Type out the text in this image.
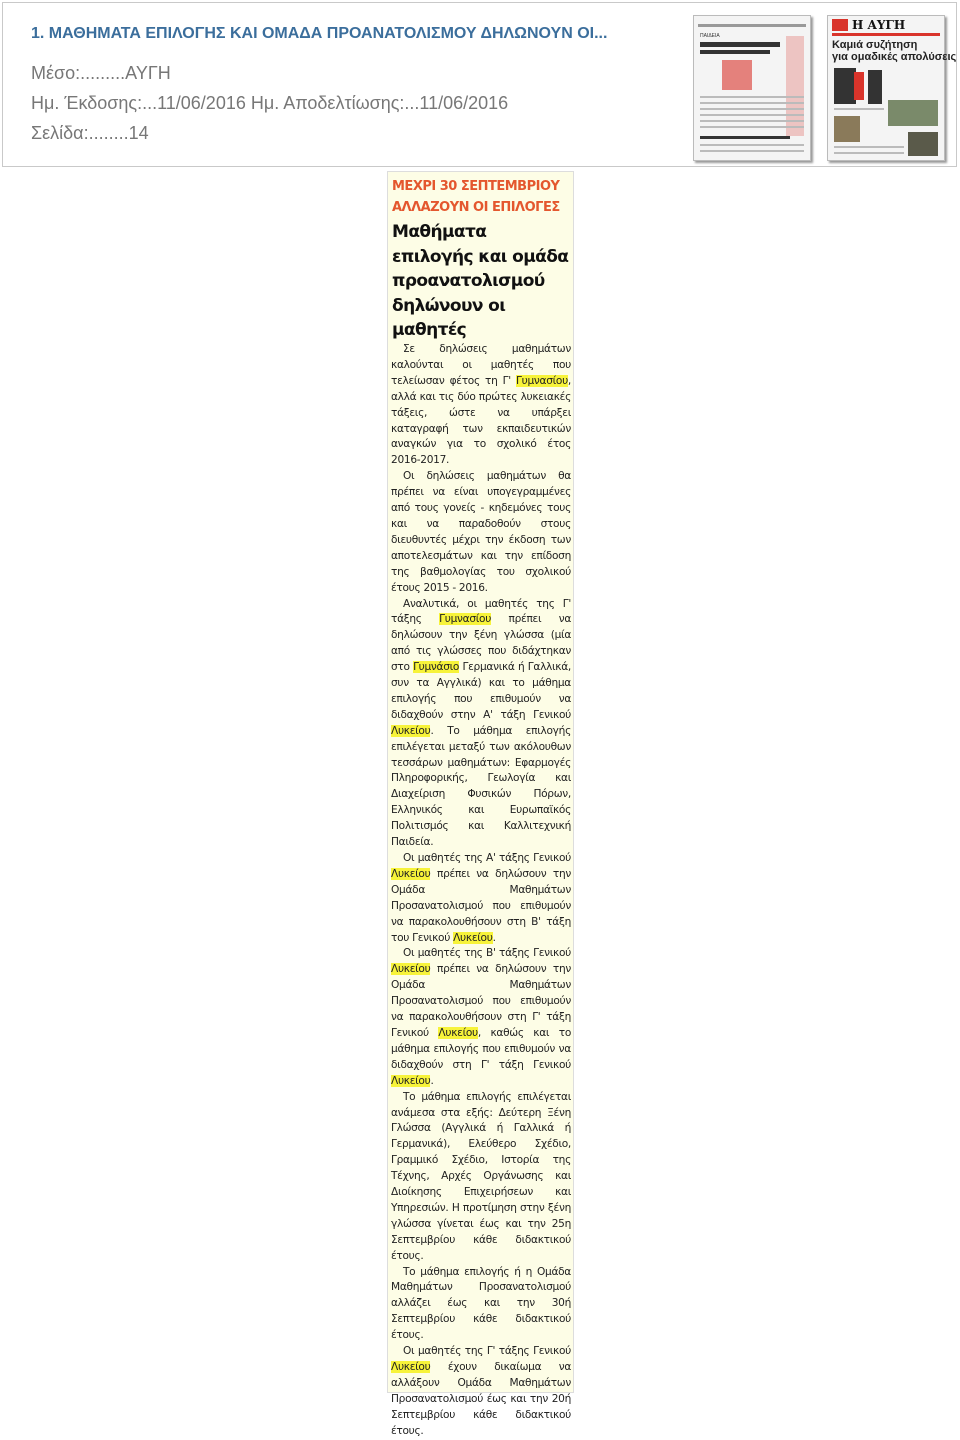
1. ΜΑΘΗΜΑΤΑ ΕΠΙΛΟΓΗΣ ΚΑΙ ΟΜΑΔΑ ΠΡΟΑΝΑΤΟΛΙΣΜΟΥ ΔΗΛΩΝΟΥΝ ΟΙ...

Μέσο:.........ΑΥΓΗ

Ημ. Έκδοσης:...11/06/2016 Ημ. Αποδελτίωσης:...11/06/2016

Σελίδα:........14

ΠΑΙΔΕΙΑ
Η ΑΥΓΗ
Καμιά συζήτηση
για ομαδικές απολύσεις
ΜΕΧΡΙ 30 ΣΕΠΤΕΜΒΡΙΟΥ ΑΛΛΑΖΟΥΝ ΟΙ ΕΠΙΛΟΓΕΣ
Μαθήματα επιλογής και ομάδα προανατολισμού δηλώνουν οι μαθητές

Σε δηλώσεις μαθημάτων καλούνται οι μαθητές που τελείωσαν φέτος τη Γ' Γυμνασίου, αλλά και τις δύο πρώτες λυκειακές τάξεις, ώστε να υπάρξει καταγραφή των εκπαιδευτικών αναγκών για το σχολικό έτος 2016-2017.

Οι δηλώσεις μαθημάτων θα πρέπει να είναι υπογεγραμμένες από τους γονείς - κηδεμόνες τους και να παραδοθούν στους διευθυντές μέχρι την έκδοση των αποτελεσμάτων και την επίδοση της βαθμολογίας του σχολικού έτους 2015 - 2016.

Αναλυτικά, οι μαθητές της Γ' τάξης Γυμνασίου πρέπει να δηλώσουν την ξένη γλώσσα (μία από τις γλώσσες που διδάχτηκαν στο Γυμνάσιο Γερμανικά ή Γαλλικά, συν τα Αγγλικά) και το μάθημα επιλογής που επιθυμούν να διδαχθούν στην Α' τάξη Γενικού Λυκείου. Το μάθημα επιλογής επιλέγεται μεταξύ των ακόλουθων τεσσάρων μαθημάτων: Εφαρμογές Πληροφορικής, Γεωλογία και Διαχείριση Φυσικών Πόρων, Ελληνικός και Ευρωπαϊκός Πολιτισμός και Καλλιτεχνική Παιδεία.

Οι μαθητές της Α' τάξης Γενικού Λυκείου πρέπει να δηλώσουν την Ομάδα Μαθημάτων Προσανατολισμού που επιθυμούν να παρακολουθήσουν στη Β' τάξη του Γενικού Λυκείου.

Οι μαθητές της Β' τάξης Γενικού Λυκείου πρέπει να δηλώσουν την Ομάδα Μαθημάτων Προσανατολισμού που επιθυμούν να παρακολουθήσουν στη Γ' τάξη Γενικού Λυκείου, καθώς και το μάθημα επιλογής που επιθυμούν να διδαχθούν στη Γ' τάξη Γενικού Λυκείου.

Το μάθημα επιλογής επιλέγεται ανάμεσα στα εξής: Δεύτερη Ξένη Γλώσσα (Αγγλικά ή Γαλλικά ή Γερμανικά), Ελεύθερο Σχέδιο, Γραμμικό Σχέδιο, Ιστορία της Τέχνης, Αρχές Οργάνωσης και Διοίκησης Επιχειρήσεων και Υπηρεσιών. Η προτίμηση στην ξένη γλώσσα γίνεται έως και την 25η Σεπτεμβρίου κάθε διδακτικού έτους.

Το μάθημα επιλογής ή η Ομάδα Μαθημάτων Προσανατολισμού αλλάζει έως και την 30ή Σεπτεμβρίου κάθε διδακτικού έτους.

Οι μαθητές της Γ' τάξης Γενικού Λυκείου έχουν δικαίωμα να αλλάξουν Ομάδα Μαθημάτων Προσανατολισμού έως και την 20ή Σεπτεμβρίου κάθε διδακτικού έτους.
